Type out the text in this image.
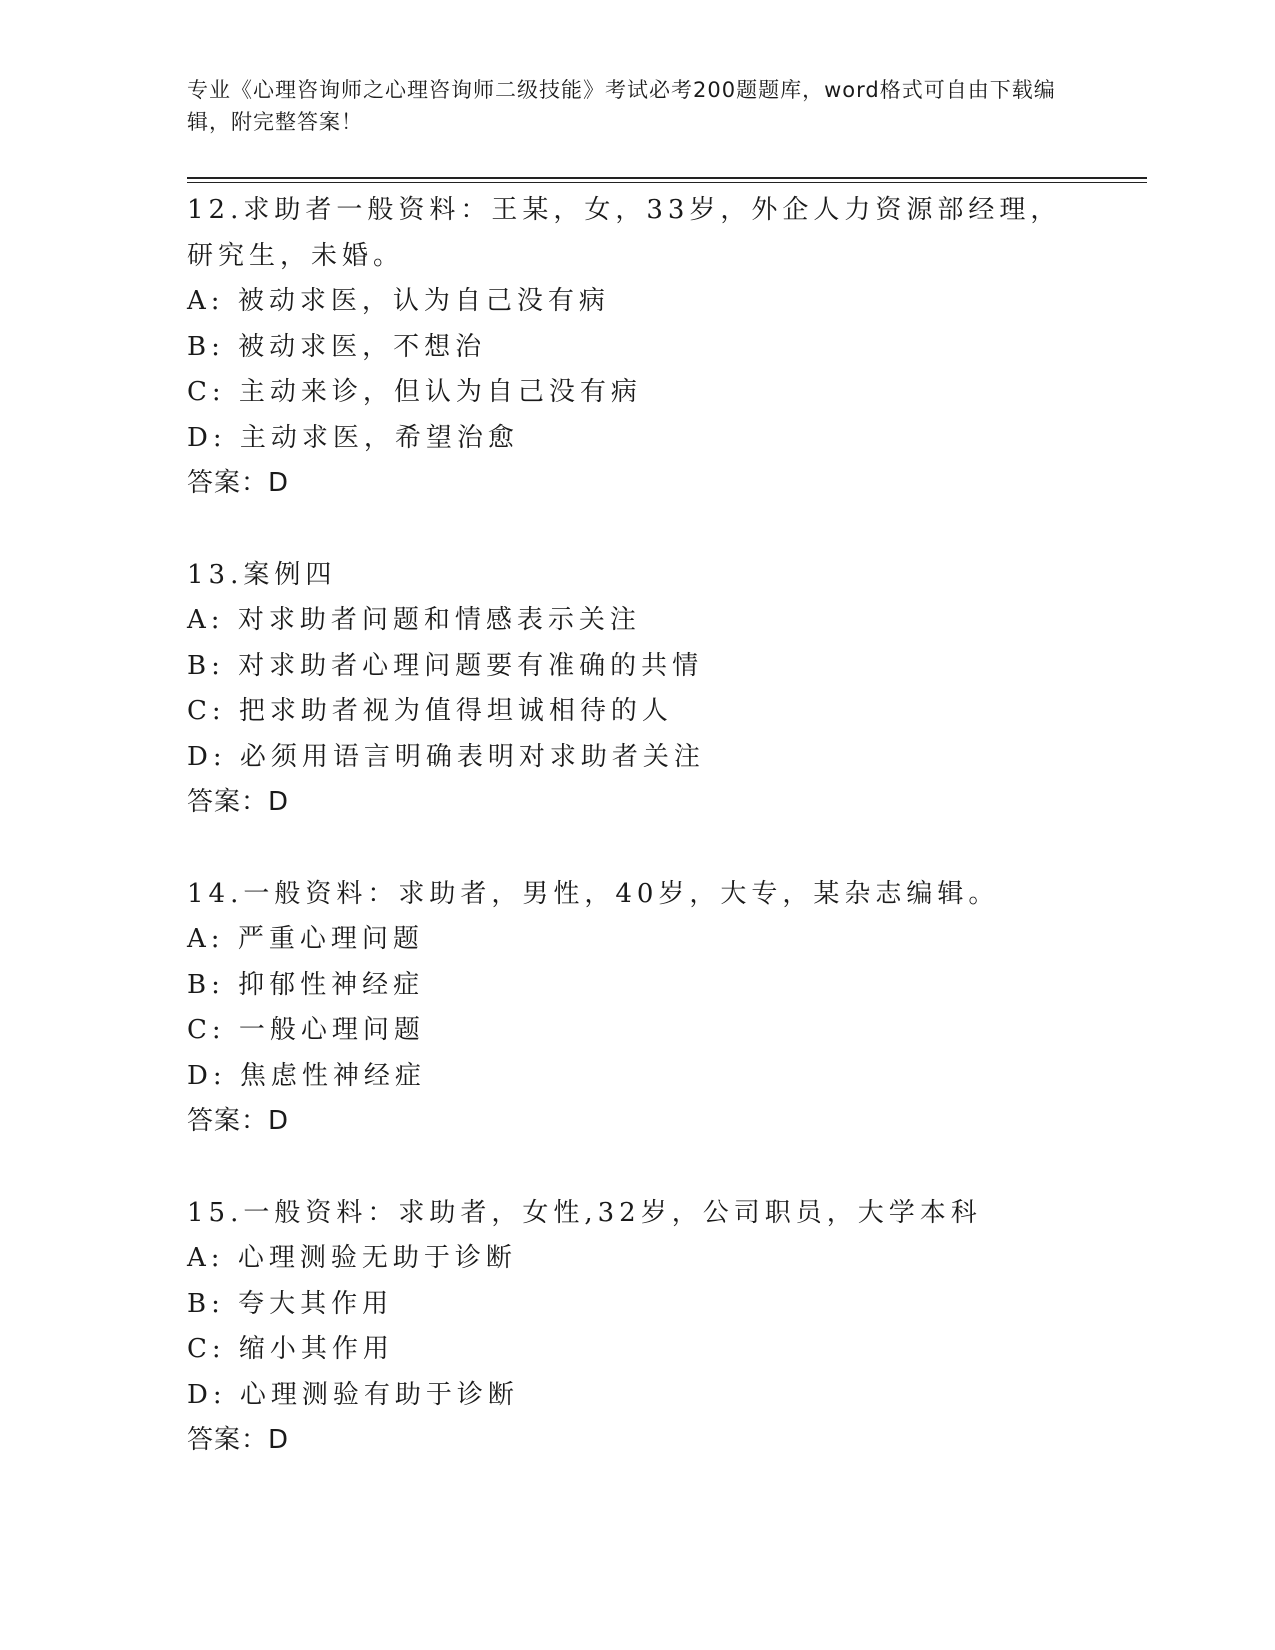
专业《心理咨询师之心理咨询师二级技能》考试必考200题题库，word格式可自由下载编辑，附完整答案！
12.求助者一般资料：王某，女，33岁，外企人力资源部经理，研究生，未婚。
A: 被动求医，认为自己没有病
B: 被动求医，不想治
C: 主动来诊，但认为自己没有病
D: 主动求医，希望治愈
答案：D
13.案例四
A: 对求助者问题和情感表示关注
B: 对求助者心理问题要有准确的共情
C: 把求助者视为值得坦诚相待的人
D: 必须用语言明确表明对求助者关注
答案：D
14.一般资料：求助者，男性，40岁，大专，某杂志编辑。
A: 严重心理问题
B: 抑郁性神经症
C: 一般心理问题
D: 焦虑性神经症
答案：D
15.一般资料：求助者，女性,32岁，公司职员，大学本科
A: 心理测验无助于诊断
B: 夸大其作用
C: 缩小其作用
D: 心理测验有助于诊断
答案：D
